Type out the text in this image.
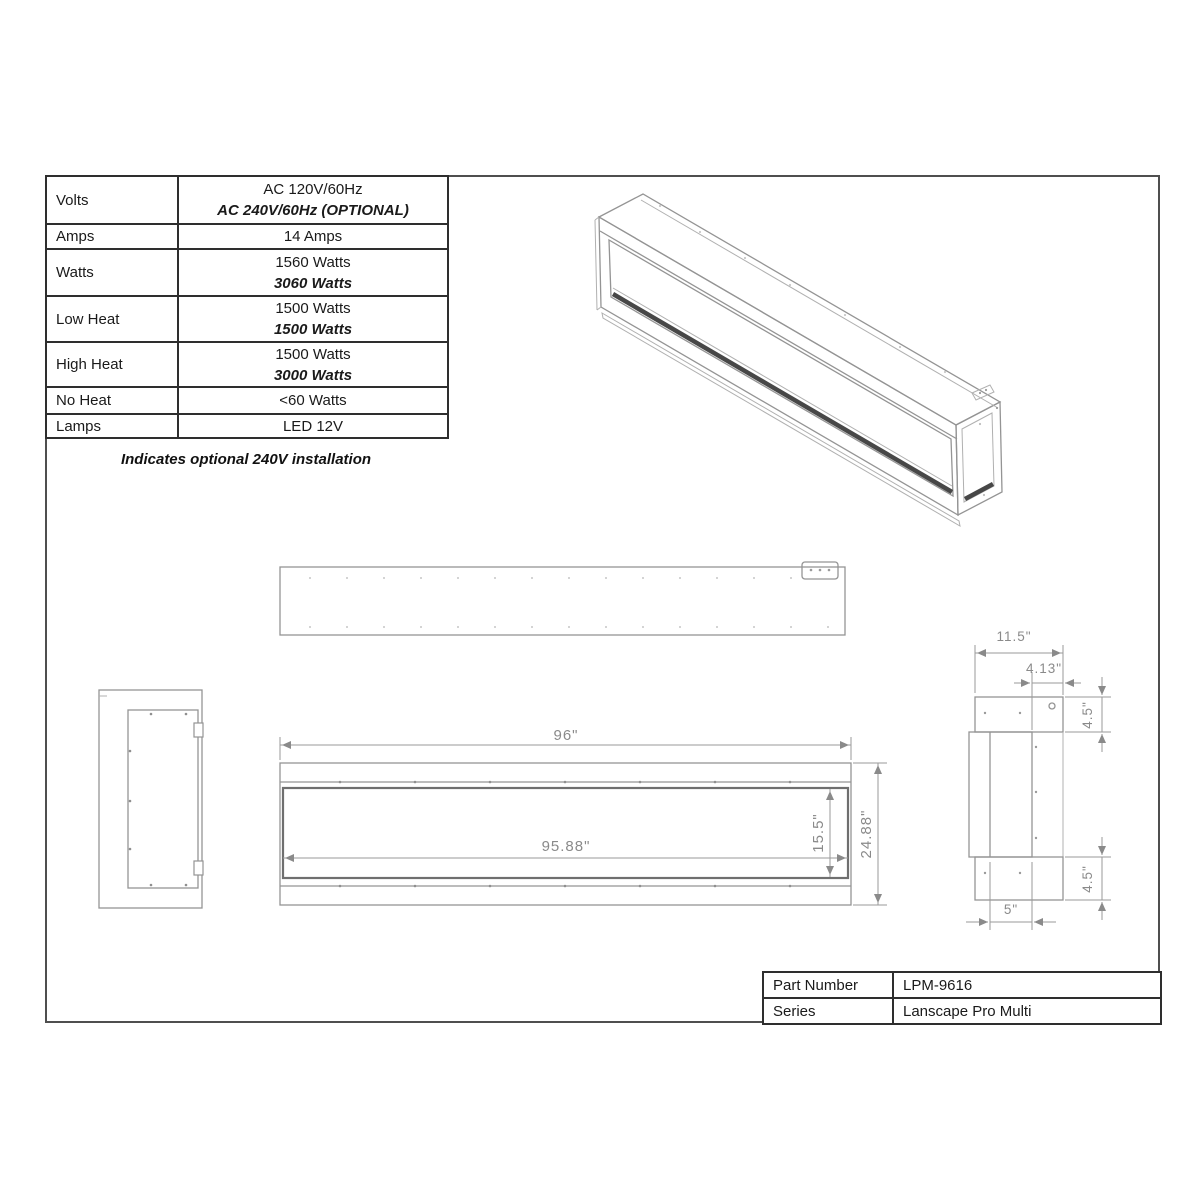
Volts	AC 120V/60Hz
AC 240V/60Hz (OPTIONAL)

Amps	14 Amps

Watts	1560 Watts
3060 Watts

Low Heat	1500 Watts
1500 Watts

High Heat	1500 Watts
3000 Watts

No Heat	<60 Watts

Lamps	LED 12V
Indicates optional 240V installation
Part Number	LPM-9616
Series	Lanscape Pro Multi
96"
95.88"	15.5" 24.88"
11.5"
4.13"
4.5"
4.5"
5"
